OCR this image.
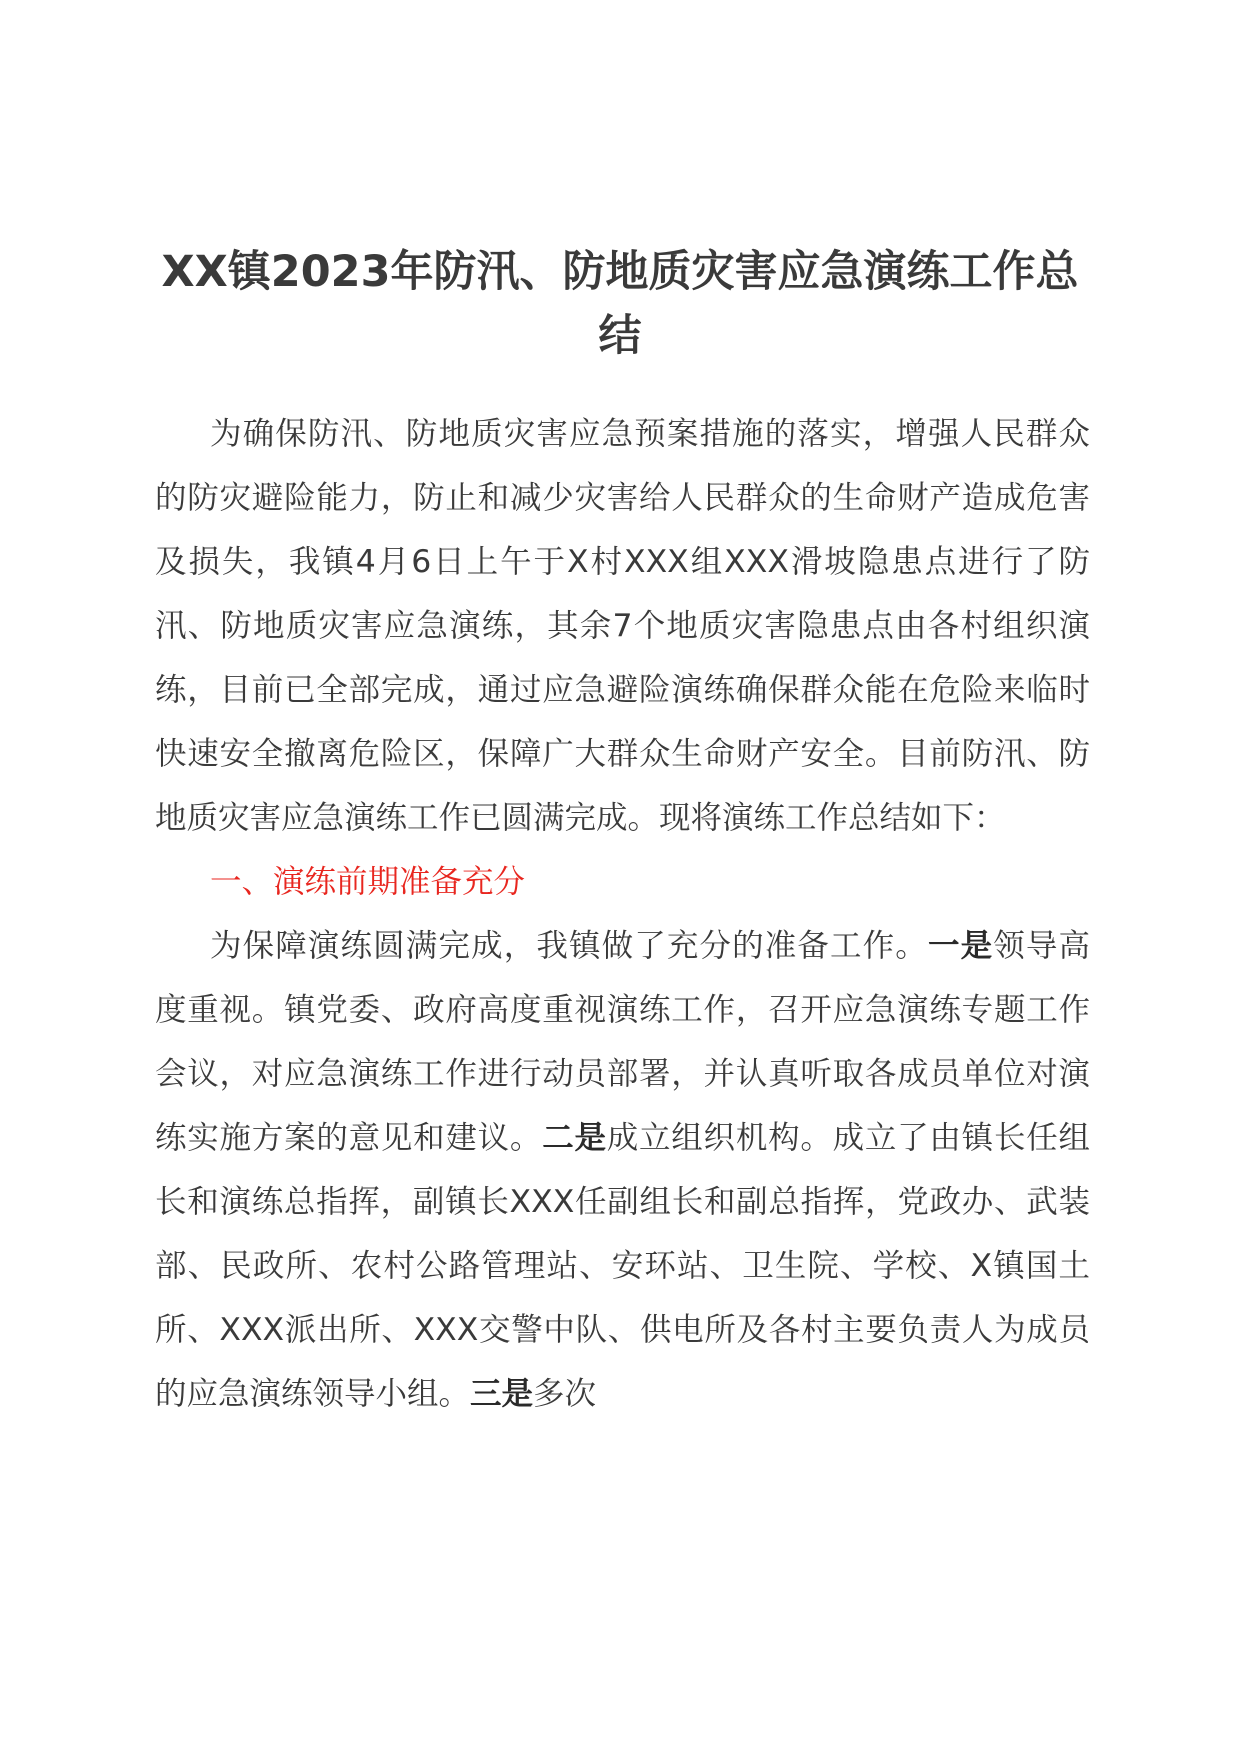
XX镇2023年防汛、防地质灾害应急演练工作总结

为确保防汛、防地质灾害应急预案措施的落实，增强人民群众的防灾避险能力，防止和减少灾害给人民群众的生命财产造成危害及损失，我镇4月6日上午于X村XXX组XXX滑坡隐患点进行了防汛、防地质灾害应急演练，其余7个地质灾害隐患点由各村组织演练，目前已全部完成，通过应急避险演练确保群众能在危险来临时快速安全撤离危险区，保障广大群众生命财产安全。目前防汛、防地质灾害应急演练工作已圆满完成。现将演练工作总结如下：

一、演练前期准备充分

为保障演练圆满完成，我镇做了充分的准备工作。一是领导高度重视。镇党委、政府高度重视演练工作，召开应急演练专题工作会议，对应急演练工作进行动员部署，并认真听取各成员单位对演练实施方案的意见和建议。二是成立组织机构。成立了由镇长任组长和演练总指挥，副镇长XXX任副组长和副总指挥，党政办、武装部、民政所、农村公路管理站、安环站、卫生院、学校、X镇国土所、XXX派出所、XXX交警中队、供电所及各村主要负责人为成员的应急演练领导小组。三是多次
